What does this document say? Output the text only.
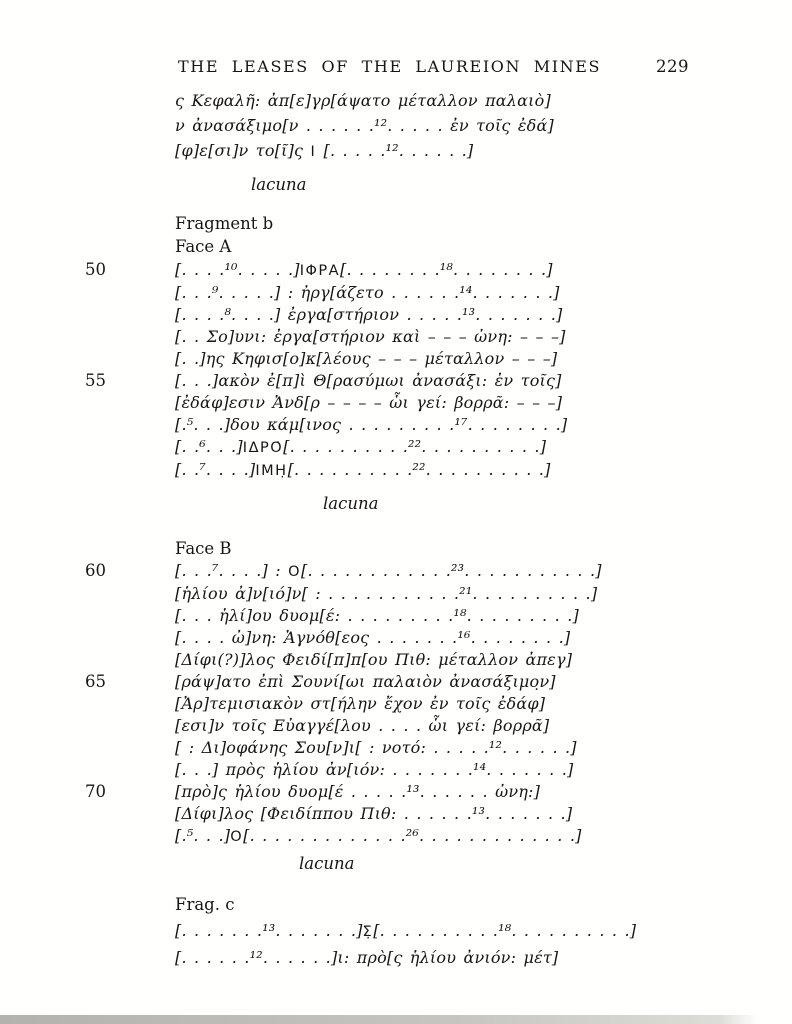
THE LEASES OF THE LAUREION MINES	229
ς Κεφαλῆ: ἀπ[ε]γρ[άψατο μέταλλον παλαιὸ]
ν ἀνασάξιμο[ν . . . . . .¹². . . . . ἐν τοῖς ἐδά]
[φ]ε[σι]ν το[ῖ]ς Ι [. . . . .¹². . . . . .]
lacuna
Fragment b
Face A
50	[. . . .¹⁰. . . . .]ΙΦΡΑ[. . . . . . . .¹⁸. . . . . . . .]
[. . .⁹. . . . .] : ἠργ[άζετο . . . . . .¹⁴. . . . . . .]
[. . . .⁸. . . .] ἐργα[στήριον . . . . .¹³. . . . . . .]
[. . Σο]υνι: ἐργα[στήριον καὶ – – – ὠνη: – – –]
[. .]ης Κηφισ[ο]κ[λέους – – – μέταλλον – – –]
55	[. . .]ακὸν ἐ[π]ὶ Θ[ρασύμωι ἀνασάξι: ἐν τοῖς]
[ἐδάφ]εσιν Ἀνδ[ρ – – – – ὧι γεί: βορρᾶ: – – –]
[.⁵. . .]δου κάμ[ινος . . . . . . . . .¹⁷. . . . . . . .]
[. .⁶. . .]ΙΔΡΟ̇[. . . . . . . . . .²². . . . . . . . . .]
[. .⁷. . . .]ΙΜΗ̣[. . . . . . . . . .²². . . . . . . . . .]
lacuna
Face B
60	[. . .⁷. . . .] : Ο[. . . . . . . . . . . .²³. . . . . . . . . . .]
[ἡλίου ἀ]ν[ιό]ν[ : . . . . . . . . . . .²¹. . . . . . . . . .]
[. . . ἡλί]ου δυομ[έ: . . . . . . . . .¹⁸. . . . . . . . .]
[. . . . ὠ]νη: Ἁγνόθ[εος . . . . . . .¹⁶. . . . . . . .]
[Δίφι(?)]λος Φειδί[π]π[ου Πιθ: μέταλλον ἀπεγ]
65	[ράψ]ατο ἐπὶ Σουνί[ωι παλαιὸν ἀνασάξιμο̣ν]
[Ἀρ]τεμισιακὸν στ[ήλην ἔχον ἐν τοῖς ἐδάφ]
[εσι]ν τοῖς Εὐαγγέ[λου . . . . ὧι γεί: βορρᾶ]
[ : Δι]οφάνης Σου[ν]ι[ : νοτό: . . . . .¹². . . . . .]
[. . .] πρὸς ἡλίου ἀν[ιόν: . . . . . . .¹⁴. . . . . . .]
70	[πρὸ]ς ἡλίου δυομ[έ . . . . .¹³. . . . . . ὠνη:]
[Δίφι]λος [Φειδίππου Πιθ: . . . . . .¹³. . . . . . .]
[.⁵. . .]Ο[. . . . . . . . . . . . .²⁶. . . . . . . . . . . . .]
lacuna
Frag. c
[. . . . . . .¹³. . . . . . .]Σ̣[. . . . . . . . . .¹⁸. . . . . . . . . .]
[. . . . . .¹². . . . . .]ι: πρὸ[ς ἡλίου ἀνιόν: μέτ]
